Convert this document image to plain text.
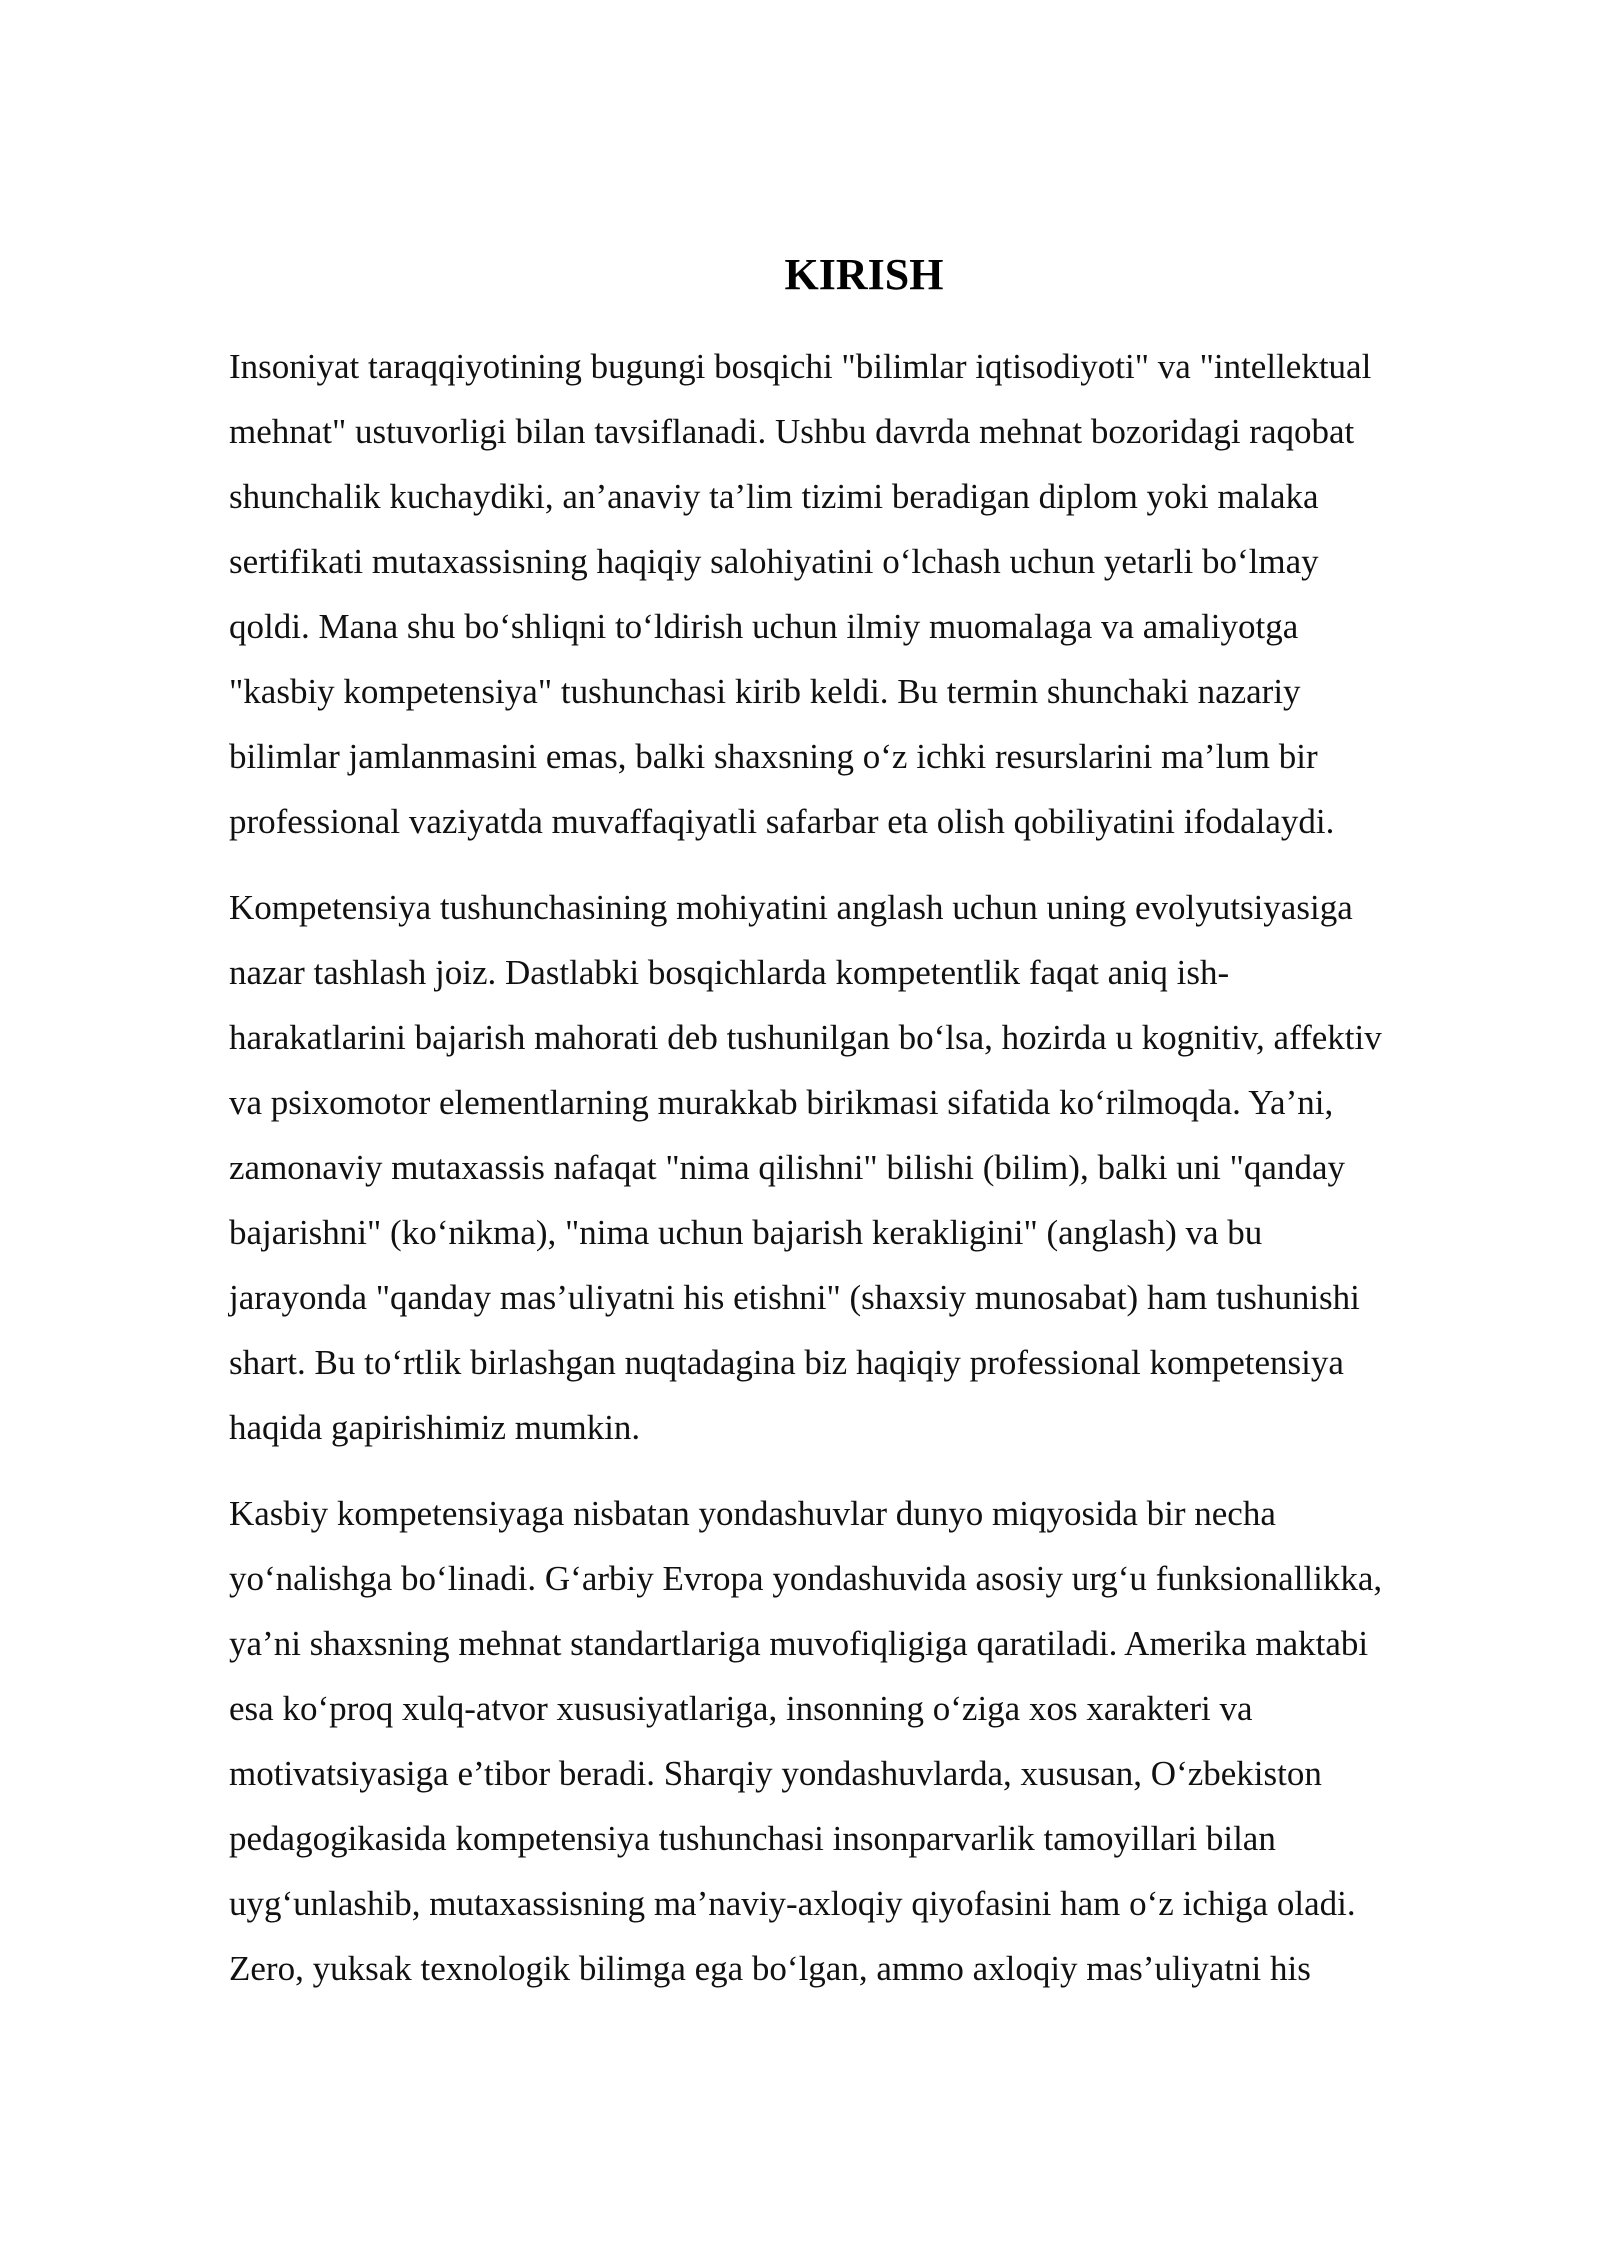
KIRISH

Insoniyat taraqqiyotining bugungi bosqichi "bilimlar iqtisodiyoti" va "intellektual
mehnat" ustuvorligi bilan tavsiflanadi. Ushbu davrda mehnat bozoridagi raqobat
shunchalik kuchaydiki, an’anaviy ta’lim tizimi beradigan diplom yoki malaka
sertifikati mutaxassisning haqiqiy salohiyatini o‘lchash uchun yetarli bo‘lmay
qoldi. Mana shu bo‘shliqni to‘ldirish uchun ilmiy muomalaga va amaliyotga
"kasbiy kompetensiya" tushunchasi kirib keldi. Bu termin shunchaki nazariy
bilimlar jamlanmasini emas, balki shaxsning o‘z ichki resurslarini ma’lum bir
professional vaziyatda muvaffaqiyatli safarbar eta olish qobiliyatini ifodalaydi.

Kompetensiya tushunchasining mohiyatini anglash uchun uning evolyutsiyasiga
nazar tashlash joiz. Dastlabki bosqichlarda kompetentlik faqat aniq ish-
harakatlarini bajarish mahorati deb tushunilgan bo‘lsa, hozirda u kognitiv, affektiv
va psixomotor elementlarning murakkab birikmasi sifatida ko‘rilmoqda. Ya’ni,
zamonaviy mutaxassis nafaqat "nima qilishni" bilishi (bilim), balki uni "qanday
bajarishni" (ko‘nikma), "nima uchun bajarish kerakligini" (anglash) va bu
jarayonda "qanday mas’uliyatni his etishni" (shaxsiy munosabat) ham tushunishi
shart. Bu to‘rtlik birlashgan nuqtadagina biz haqiqiy professional kompetensiya
haqida gapirishimiz mumkin.

Kasbiy kompetensiyaga nisbatan yondashuvlar dunyo miqyosida bir necha
yo‘nalishga bo‘linadi. G‘arbiy Evropa yondashuvida asosiy urg‘u funksionallikka,
ya’ni shaxsning mehnat standartlariga muvofiqligiga qaratiladi. Amerika maktabi
esa ko‘proq xulq-atvor xususiyatlariga, insonning o‘ziga xos xarakteri va
motivatsiyasiga e’tibor beradi. Sharqiy yondashuvlarda, xususan, O‘zbekiston
pedagogikasida kompetensiya tushunchasi insonparvarlik tamoyillari bilan
uyg‘unlashib, mutaxassisning ma’naviy-axloqiy qiyofasini ham o‘z ichiga oladi.
Zero, yuksak texnologik bilimga ega bo‘lgan, ammo axloqiy mas’uliyatni his
